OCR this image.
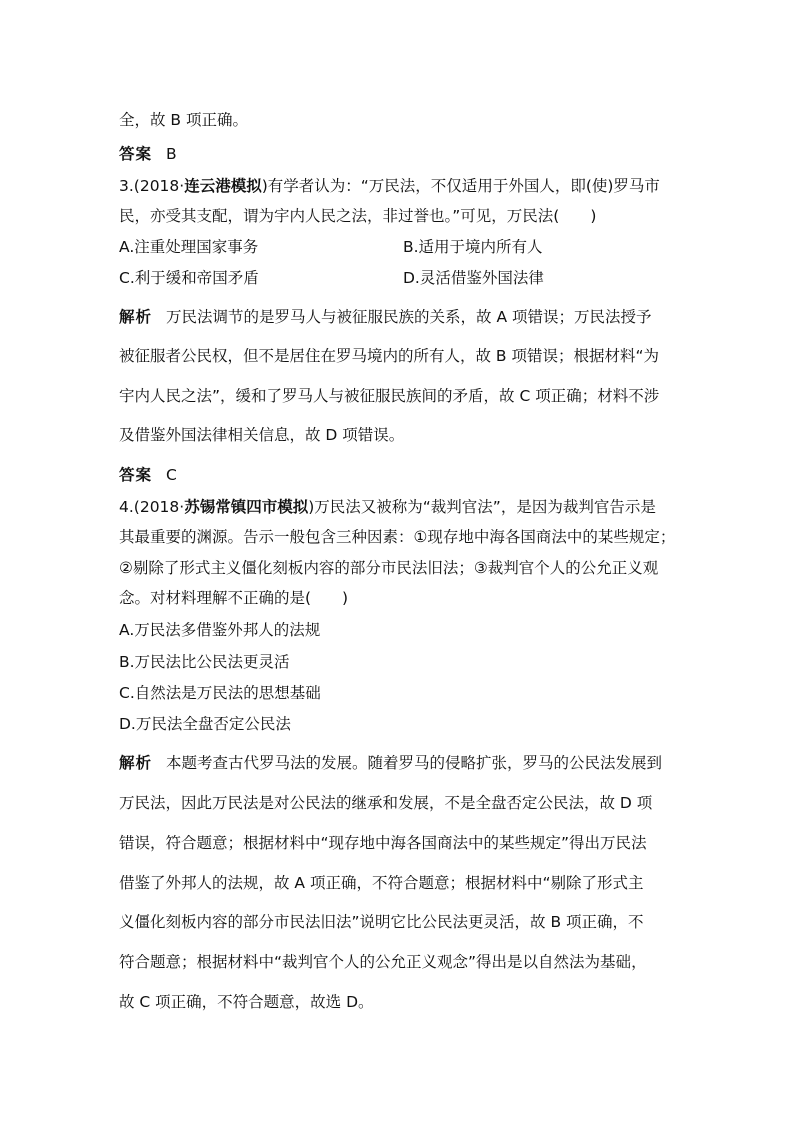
全，故 B 项正确。
答案 B
3.(2018·连云港模拟)有学者认为：“万民法，不仅适用于外国人，即(使)罗马市
民，亦受其支配，谓为宇内人民之法，非过誉也。”可见，万民法(　　)
A.注重处理国家事务	B.适用于境内所有人
C.利于缓和帝国矛盾	D.灵活借鉴外国法律
解析 万民法调节的是罗马人与被征服民族的关系，故 A 项错误；万民法授予
被征服者公民权，但不是居住在罗马境内的所有人，故 B 项错误；根据材料“为
宇内人民之法”，缓和了罗马人与被征服民族间的矛盾，故 C 项正确；材料不涉
及借鉴外国法律相关信息，故 D 项错误。
答案 C
4.(2018·苏锡常镇四市模拟)万民法又被称为“裁判官法”，是因为裁判官告示是
其最重要的渊源。告示一般包含三种因素：①现存地中海各国商法中的某些规定；
②剔除了形式主义僵化刻板内容的部分市民法旧法；③裁判官个人的公允正义观
念。对材料理解不正确的是(　　)
A.万民法多借鉴外邦人的法规
B.万民法比公民法更灵活
C.自然法是万民法的思想基础
D.万民法全盘否定公民法
解析 本题考查古代罗马法的发展。随着罗马的侵略扩张，罗马的公民法发展到
万民法，因此万民法是对公民法的继承和发展，不是全盘否定公民法，故 D 项
错误，符合题意；根据材料中“现存地中海各国商法中的某些规定”得出万民法
借鉴了外邦人的法规，故 A 项正确，不符合题意；根据材料中“剔除了形式主
义僵化刻板内容的部分市民法旧法”说明它比公民法更灵活，故 B 项正确，不
符合题意；根据材料中“裁判官个人的公允正义观念”得出是以自然法为基础，
故 C 项正确，不符合题意，故选 D。
